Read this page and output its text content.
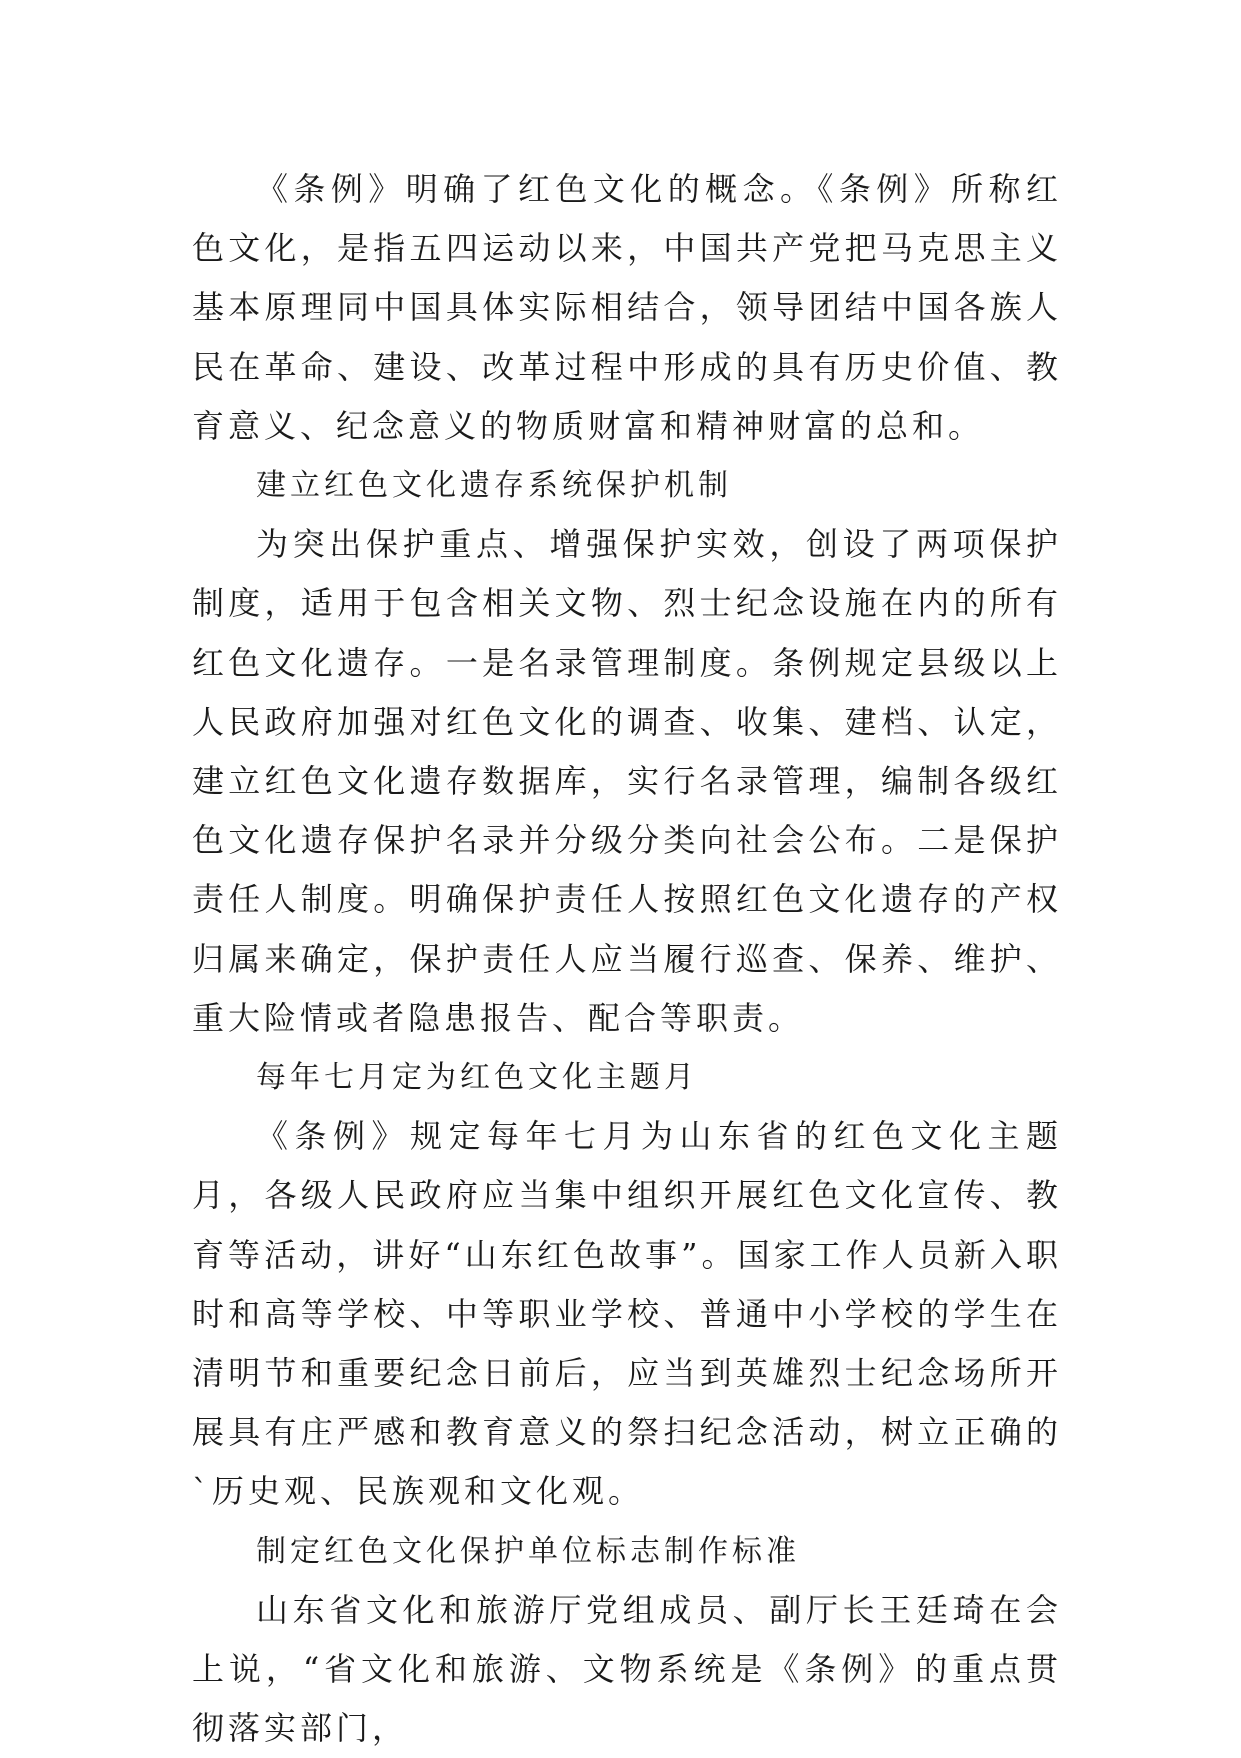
《条例》明确了红色文化的概念。《条例》所称红色文化，是指五四运动以来，中国共产党把马克思主义基本原理同中国具体实际相结合，领导团结中国各族人民在革命、建设、改革过程中形成的具有历史价值、教育意义、纪念意义的物质财富和精神财富的总和。

建立红色文化遗存系统保护机制

为突出保护重点、增强保护实效，创设了两项保护制度，适用于包含相关文物、烈士纪念设施在内的所有红色文化遗存。一是名录管理制度。条例规定县级以上人民政府加强对红色文化的调查、收集、建档、认定，建立红色文化遗存数据库，实行名录管理，编制各级红色文化遗存保护名录并分级分类向社会公布。二是保护责任人制度。明确保护责任人按照红色文化遗存的产权归属来确定，保护责任人应当履行巡查、保养、维护、重大险情或者隐患报告、配合等职责。

每年七月定为红色文化主题月

《条例》规定每年七月为山东省的红色文化主题月，各级人民政府应当集中组织开展红色文化宣传、教育等活动，讲好“山东红色故事”。国家工作人员新入职时和高等学校、中等职业学校、普通中小学校的学生在清明节和重要纪念日前后，应当到英雄烈士纪念场所开展具有庄严感和教育意义的祭扫纪念活动，树立正确的`历史观、民族观和文化观。

制定红色文化保护单位标志制作标准

山东省文化和旅游厅党组成员、副厅长王廷琦在会上说，“省文化和旅游、文物系统是《条例》的重点贯彻落实部门，
